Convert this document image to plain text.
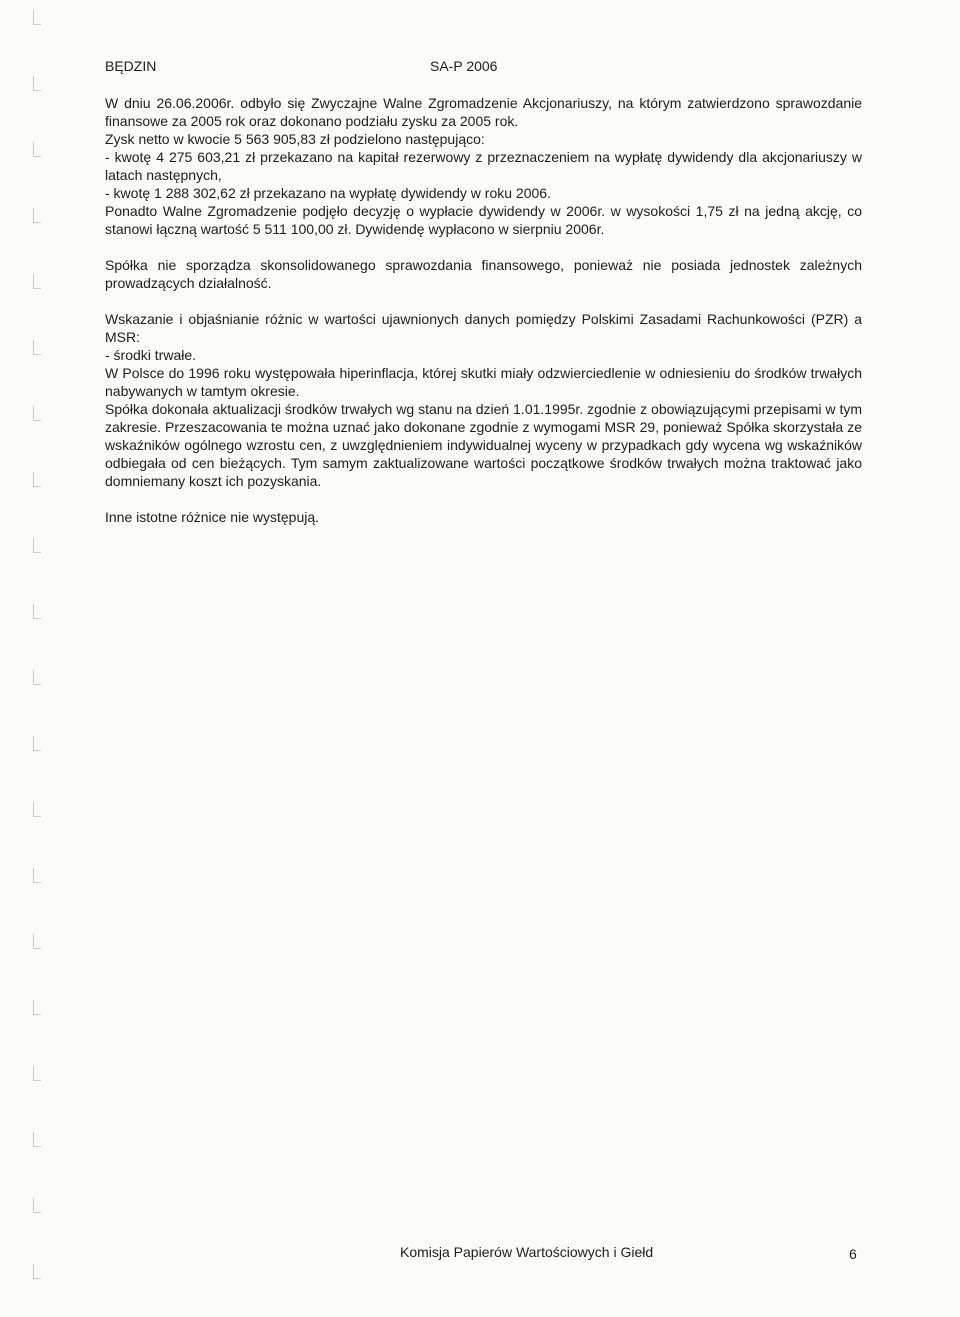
BĘDZIN	SA-P 2006

W dniu 26.06.2006r. odbyło się Zwyczajne Walne Zgromadzenie Akcjonariuszy, na którym zatwierdzono sprawozdanie finansowe za 2005 rok oraz dokonano podziału zysku za 2005 rok.

Zysk netto w kwocie 5 563 905,83 zł podzielono następująco:

- kwotę 4 275 603,21 zł przekazano na kapitał rezerwowy z przeznaczeniem na wypłatę dywidendy dla akcjonariuszy w latach następnych,

- kwotę 1 288 302,62 zł przekazano na wypłatę dywidendy w roku 2006.

Ponadto Walne Zgromadzenie podjęło decyzję o wypłacie dywidendy w 2006r. w wysokości 1,75 zł na jedną akcję, co stanowi łączną wartość 5 511 100,00 zł. Dywidendę wypłacono w sierpniu 2006r.

Spółka nie sporządza skonsolidowanego sprawozdania finansowego, ponieważ nie posiada jednostek zależnych prowadzących działalność.

Wskazanie i objaśnianie różnic w wartości ujawnionych danych pomiędzy Polskimi Zasadami Rachunkowości (PZR) a MSR:

- środki trwałe.

W Polsce do 1996 roku występowała hiperinflacja, której skutki miały odzwierciedlenie w odniesieniu do środków trwałych nabywanych w tamtym okresie.

Spółka dokonała aktualizacji środków trwałych wg stanu na dzień 1.01.1995r. zgodnie z obowiązującymi przepisami w tym zakresie. Przeszacowania te można uznać jako dokonane zgodnie z wymogami MSR 29, ponieważ Spółka skorzystała ze wskaźników ogólnego wzrostu cen, z uwzględnieniem indywidualnej wyceny w przypadkach gdy wycena wg wskaźników odbiegała od cen bieżących. Tym samym zaktualizowane wartości początkowe środków trwałych można traktować jako domniemany koszt ich pozyskania.

Inne istotne różnice nie występują.

Komisja Papierów Wartościowych i Giełd	6
